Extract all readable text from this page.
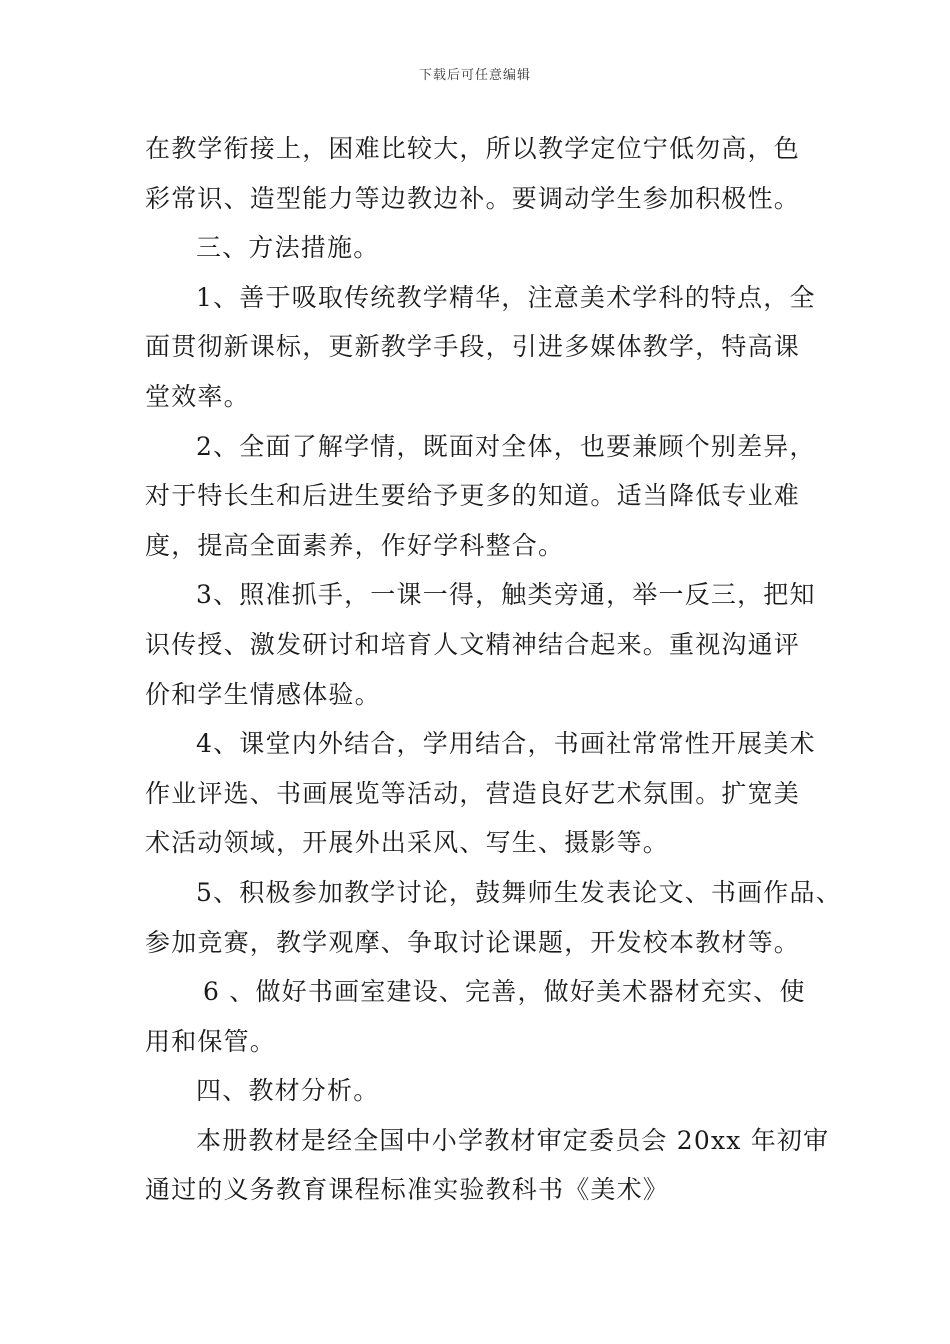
下载后可任意编辑
在教学衔接上，困难比较大，所以教学定位宁低勿高，色
彩常识、造型能力等边教边补。要调动学生参加积极性。
三、方法措施。
1、善于吸取传统教学精华，注意美术学科的特点，全
面贯彻新课标，更新教学手段，引进多媒体教学，特高课
堂效率。
2、全面了解学情，既面对全体，也要兼顾个别差异，
对于特长生和后进生要给予更多的知道。适当降低专业难
度，提高全面素养，作好学科整合。
3、照准抓手，一课一得，触类旁通，举一反三，把知
识传授、激发研讨和培育人文精神结合起来。重视沟通评
价和学生情感体验。
4、课堂内外结合，学用结合，书画社常常性开展美术
作业评选、书画展览等活动，营造良好艺术氛围。扩宽美
术活动领域，开展外出采风、写生、摄影等。
5、积极参加教学讨论，鼓舞师生发表论文、书画作品、
参加竞赛，教学观摩、争取讨论课题，开发校本教材等。
6 、做好书画室建设、完善，做好美术器材充实、使
用和保管。
四、教材分析。
本册教材是经全国中小学教材审定委员会 20xx 年初审
通过的义务教育课程标准实验教科书《美术》
